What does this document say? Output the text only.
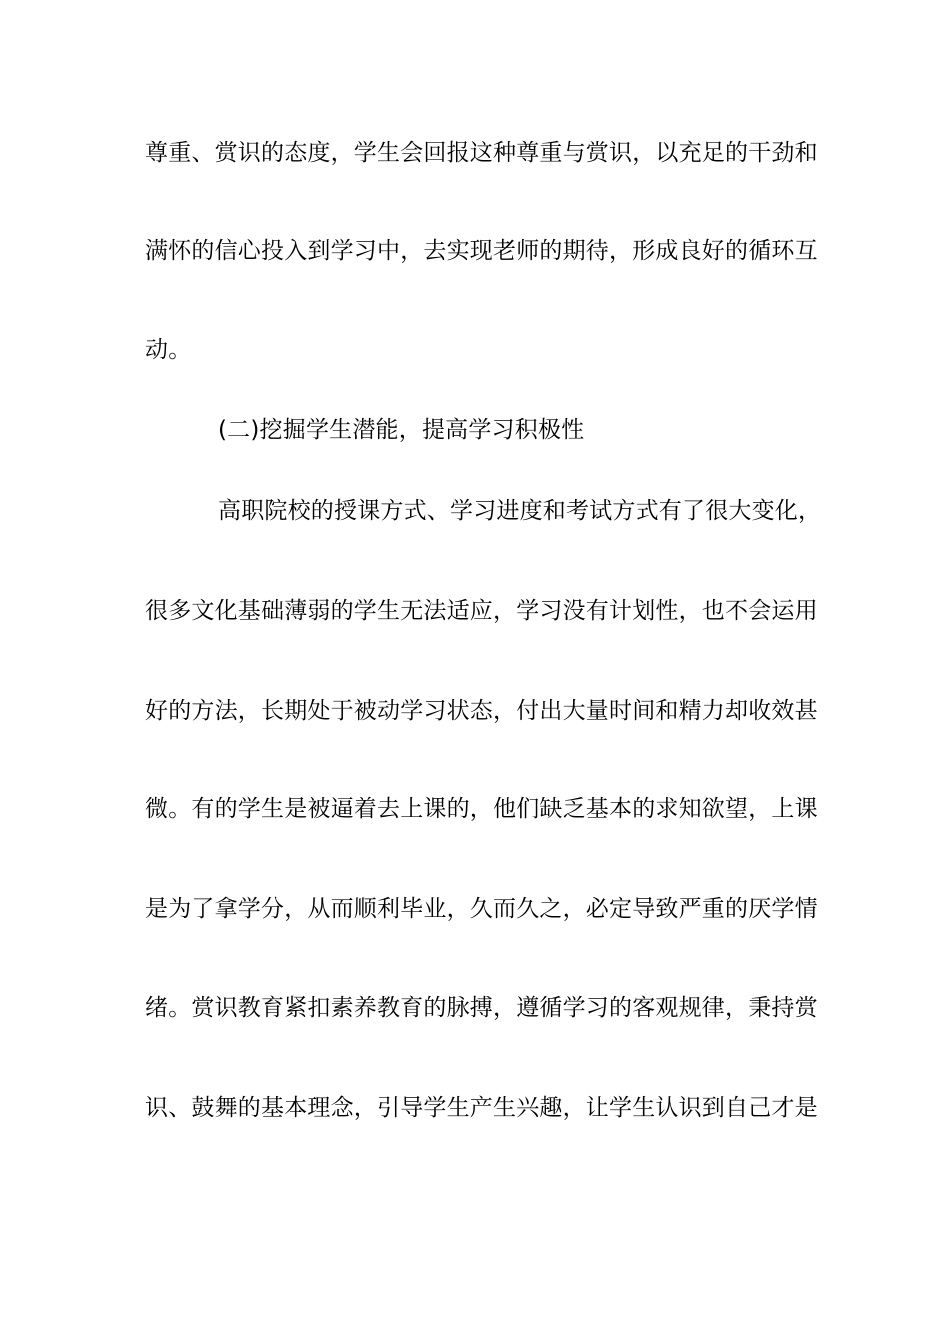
尊重、赏识的态度，学生会回报这种尊重与赏识，以充足的干劲和
满怀的信心投入到学习中，去实现老师的期待，形成良好的循环互
动。
(二)挖掘学生潜能，提高学习积极性
高职院校的授课方式、学习进度和考试方式有了很大变化，
很多文化基础薄弱的学生无法适应，学习没有计划性，也不会运用
好的方法，长期处于被动学习状态，付出大量时间和精力却收效甚
微。有的学生是被逼着去上课的，他们缺乏基本的求知欲望，上课
是为了拿学分，从而顺利毕业，久而久之，必定导致严重的厌学情
绪。赏识教育紧扣素养教育的脉搏，遵循学习的客观规律，秉持赏
识、鼓舞的基本理念，引导学生产生兴趣，让学生认识到自己才是
